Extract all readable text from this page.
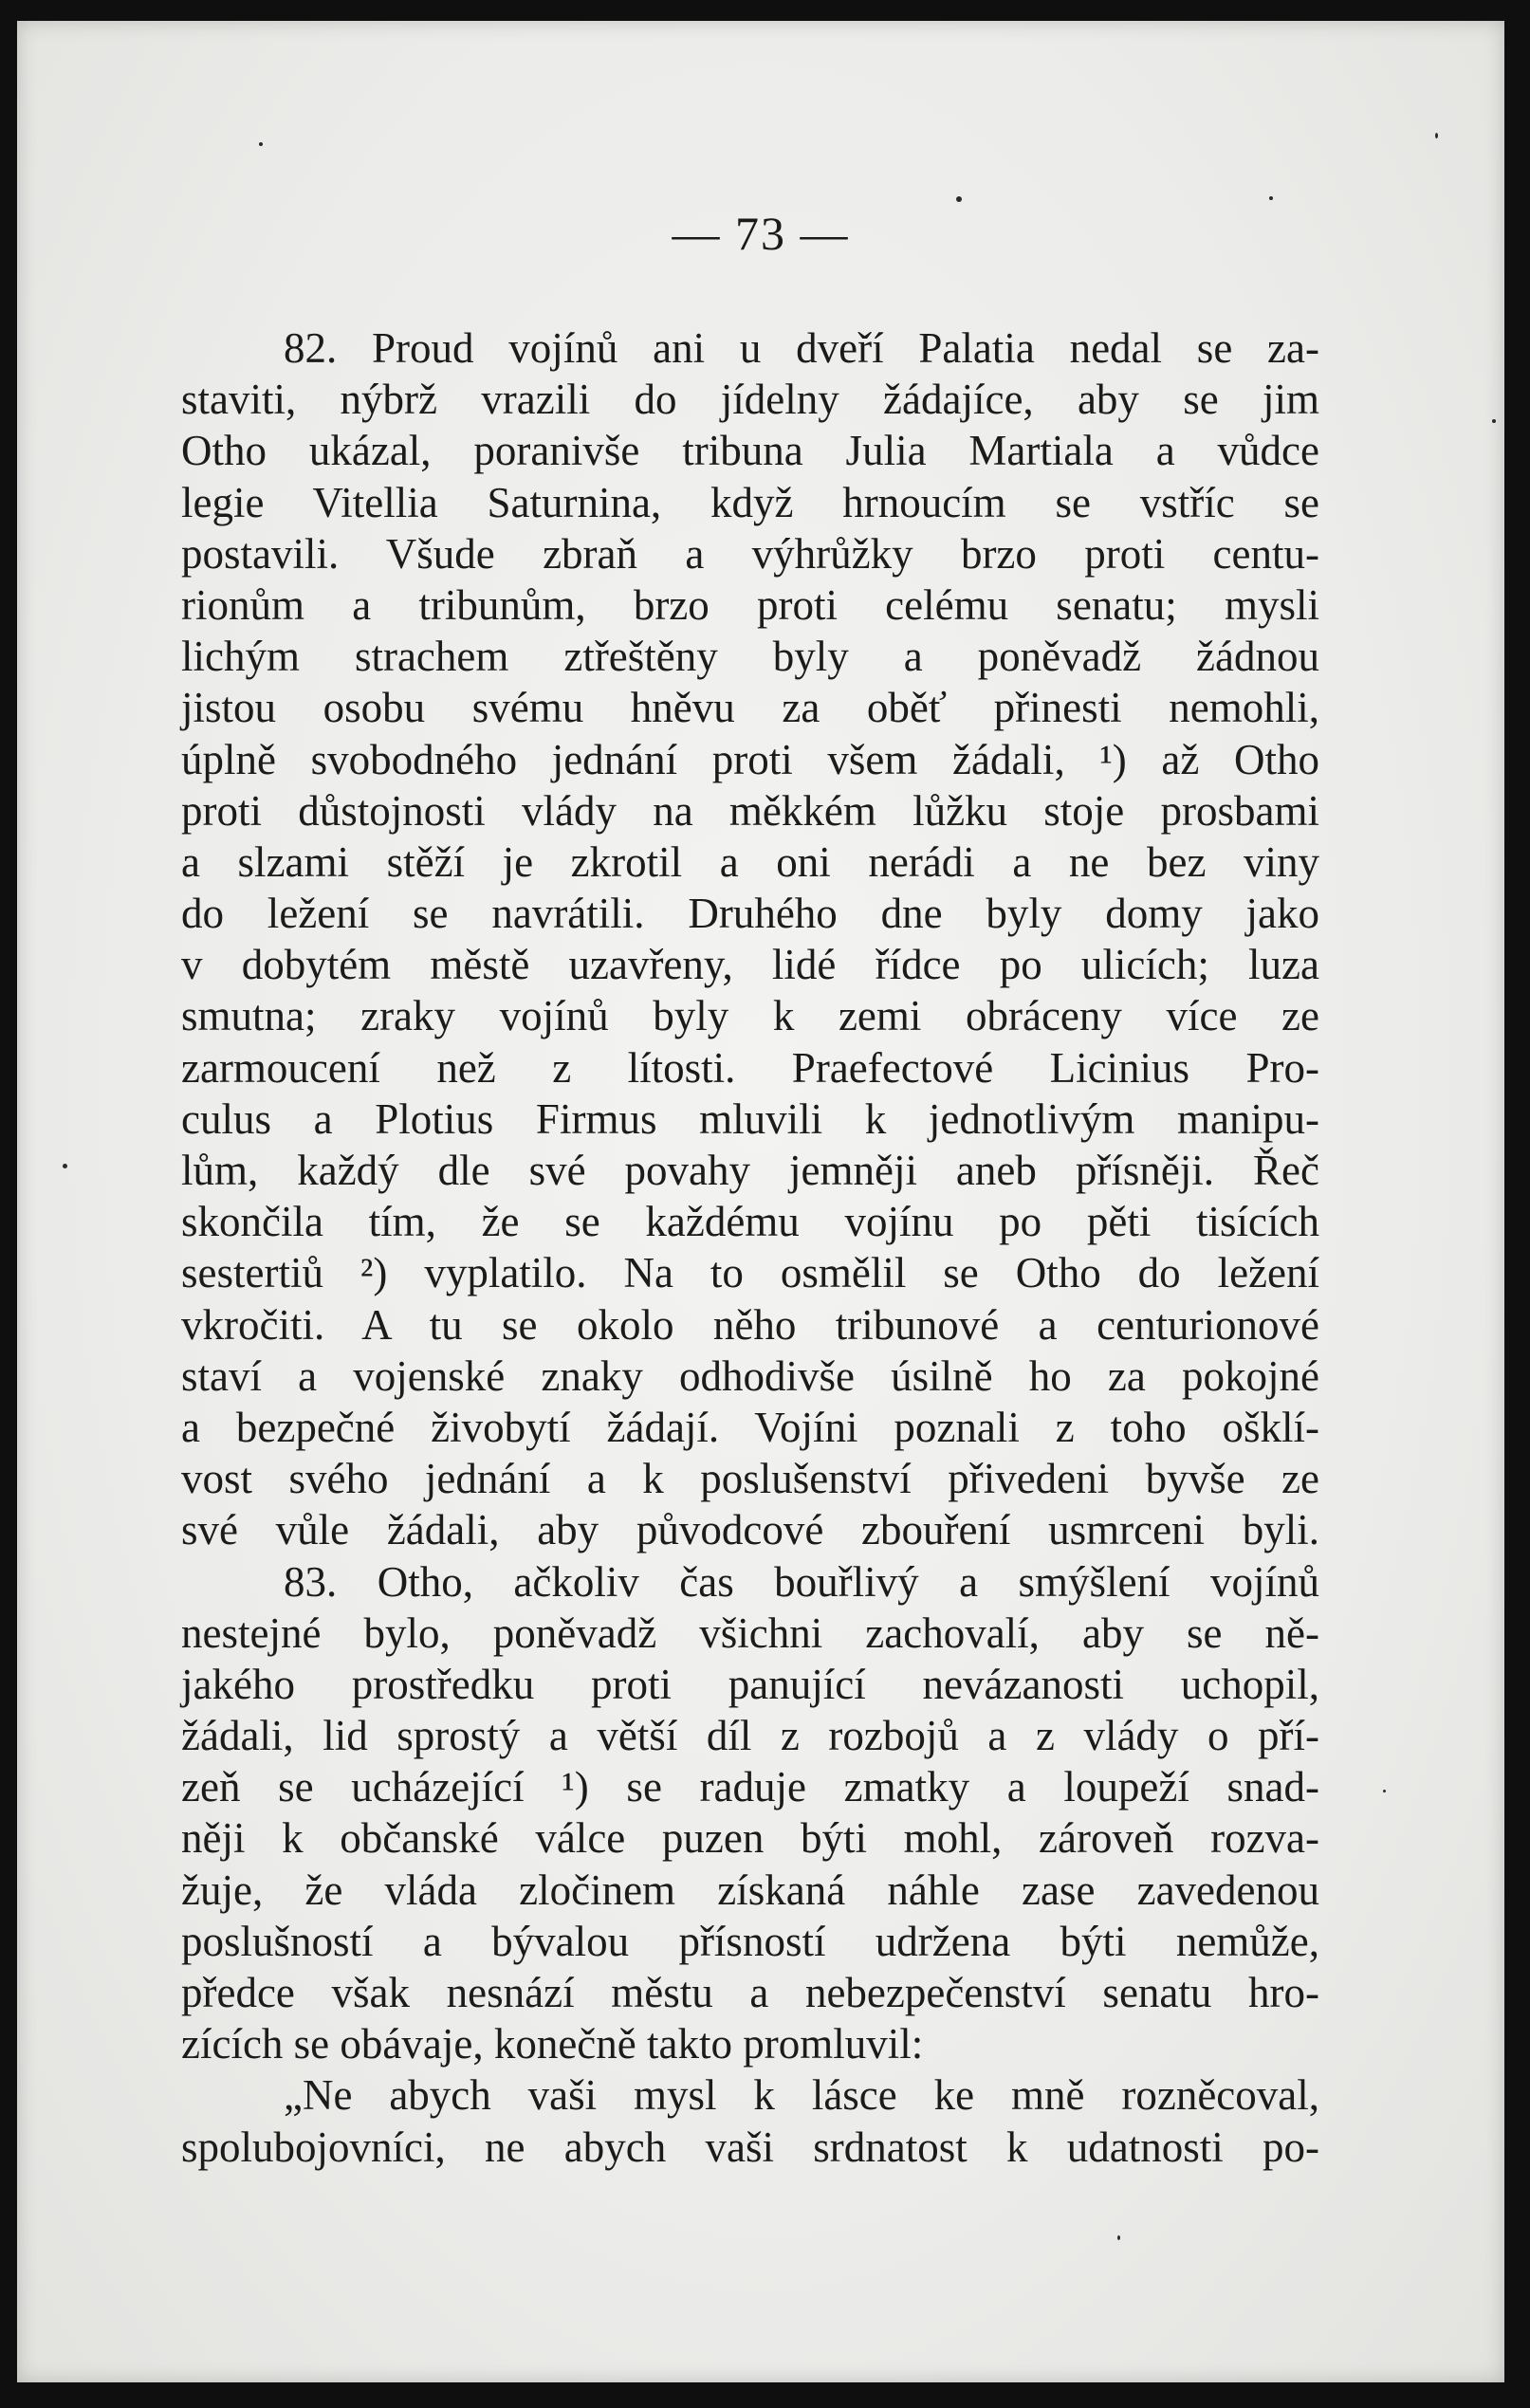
— 73 —
82. Proud vojínů ani u dveří Palatia nedal se za-
staviti, nýbrž vrazili do jídelny žádajíce, aby se jim
Otho ukázal, poranivše tribuna Julia Martiala a vůdce
legie Vitellia Saturnina, když hrnoucím se vstříc se
postavili. Všude zbraň a výhrůžky brzo proti centu-
rionům a tribunům, brzo proti celému senatu; mysli
lichým strachem ztřeštěny byly a poněvadž žádnou
jistou osobu svému hněvu za oběť přinesti nemohli,
úplně svobodného jednání proti všem žádali, ¹) až Otho
proti důstojnosti vlády na měkkém lůžku stoje prosbami
a slzami stěží je zkrotil a oni nerádi a ne bez viny
do ležení se navrátili. Druhého dne byly domy jako
v dobytém městě uzavřeny, lidé řídce po ulicích; luza
smutna; zraky vojínů byly k zemi obráceny více ze
zarmoucení než z lítosti. Praefectové Licinius Pro-
culus a Plotius Firmus mluvili k jednotlivým manipu-
lům, každý dle své povahy jemněji aneb přísněji. Řeč
skončila tím, že se každému vojínu po pěti tisících
sestertiů ²) vyplatilo. Na to osmělil se Otho do ležení
vkročiti. A tu se okolo něho tribunové a centurionové
staví a vojenské znaky odhodivše úsilně ho za pokojné
a bezpečné živobytí žádají. Vojíni poznali z toho ošklí-
vost svého jednání a k poslušenství přivedeni byvše ze
své vůle žádali, aby původcové zbouření usmrceni byli.
83. Otho, ačkoliv čas bouřlivý a smýšlení vojínů
nestejné bylo, poněvadž všichni zachovalí, aby se ně-
jakého prostředku proti panující nevázanosti uchopil,
žádali, lid sprostý a větší díl z rozbojů a z vlády o pří-
zeň se ucházející ¹) se raduje zmatky a loupeží snad-
něji k občanské válce puzen býti mohl, zároveň rozva-
žuje, že vláda zločinem získaná náhle zase zavedenou
poslušností a bývalou přísností udržena býti nemůže,
předce však nesnází městu a nebezpečenství senatu hro-
zících se obávaje, konečně takto promluvil:
„Ne abych vaši mysl k lásce ke mně rozněcoval,
spolubojovníci, ne abych vaši srdnatost k udatnosti po-
